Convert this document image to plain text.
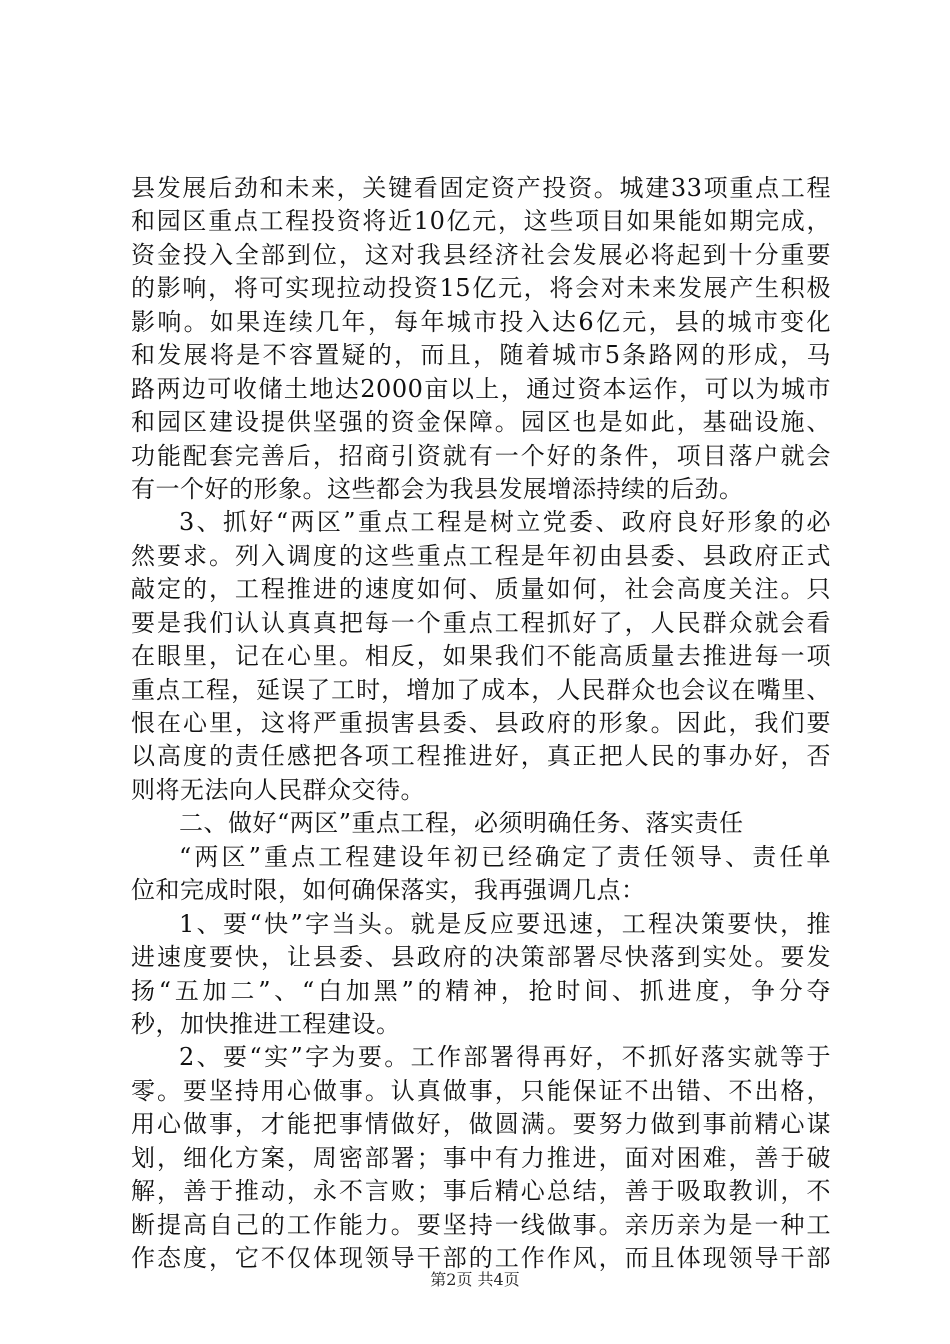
县发展后劲和未来，关键看固定资产投资。城建33项重点工程
和园区重点工程投资将近10亿元，这些项目如果能如期完成，
资金投入全部到位，这对我县经济社会发展必将起到十分重要
的影响，将可实现拉动投资15亿元，将会对未来发展产生积极
影响。如果连续几年，每年城市投入达6亿元，县的城市变化
和发展将是不容置疑的，而且，随着城市5条路网的形成，马
路两边可收储土地达2000亩以上，通过资本运作，可以为城市
和园区建设提供坚强的资金保障。园区也是如此，基础设施、
功能配套完善后，招商引资就有一个好的条件，项目落户就会
有一个好的形象。这些都会为我县发展增添持续的后劲。
3、抓好“两区”重点工程是树立党委、政府良好形象的必
然要求。列入调度的这些重点工程是年初由县委、县政府正式
敲定的，工程推进的速度如何、质量如何，社会高度关注。只
要是我们认认真真把每一个重点工程抓好了，人民群众就会看
在眼里，记在心里。相反，如果我们不能高质量去推进每一项
重点工程，延误了工时，增加了成本，人民群众也会议在嘴里、
恨在心里，这将严重损害县委、县政府的形象。因此，我们要
以高度的责任感把各项工程推进好，真正把人民的事办好，否
则将无法向人民群众交待。
二、做好“两区”重点工程，必须明确任务、落实责任
“两区”重点工程建设年初已经确定了责任领导、责任单
位和完成时限，如何确保落实，我再强调几点：
1、要“快”字当头。就是反应要迅速，工程决策要快，推
进速度要快，让县委、县政府的决策部署尽快落到实处。要发
扬“五加二”、“白加黑”的精神，抢时间、抓进度，争分夺
秒，加快推进工程建设。
2、要“实”字为要。工作部署得再好，不抓好落实就等于
零。要坚持用心做事。认真做事，只能保证不出错、不出格，
用心做事，才能把事情做好，做圆满。要努力做到事前精心谋
划，细化方案，周密部署；事中有力推进，面对困难，善于破
解，善于推动，永不言败；事后精心总结，善于吸取教训，不
断提高自己的工作能力。要坚持一线做事。亲历亲为是一种工
作态度，它不仅体现领导干部的工作作风，而且体现领导干部
第2页 共4页
